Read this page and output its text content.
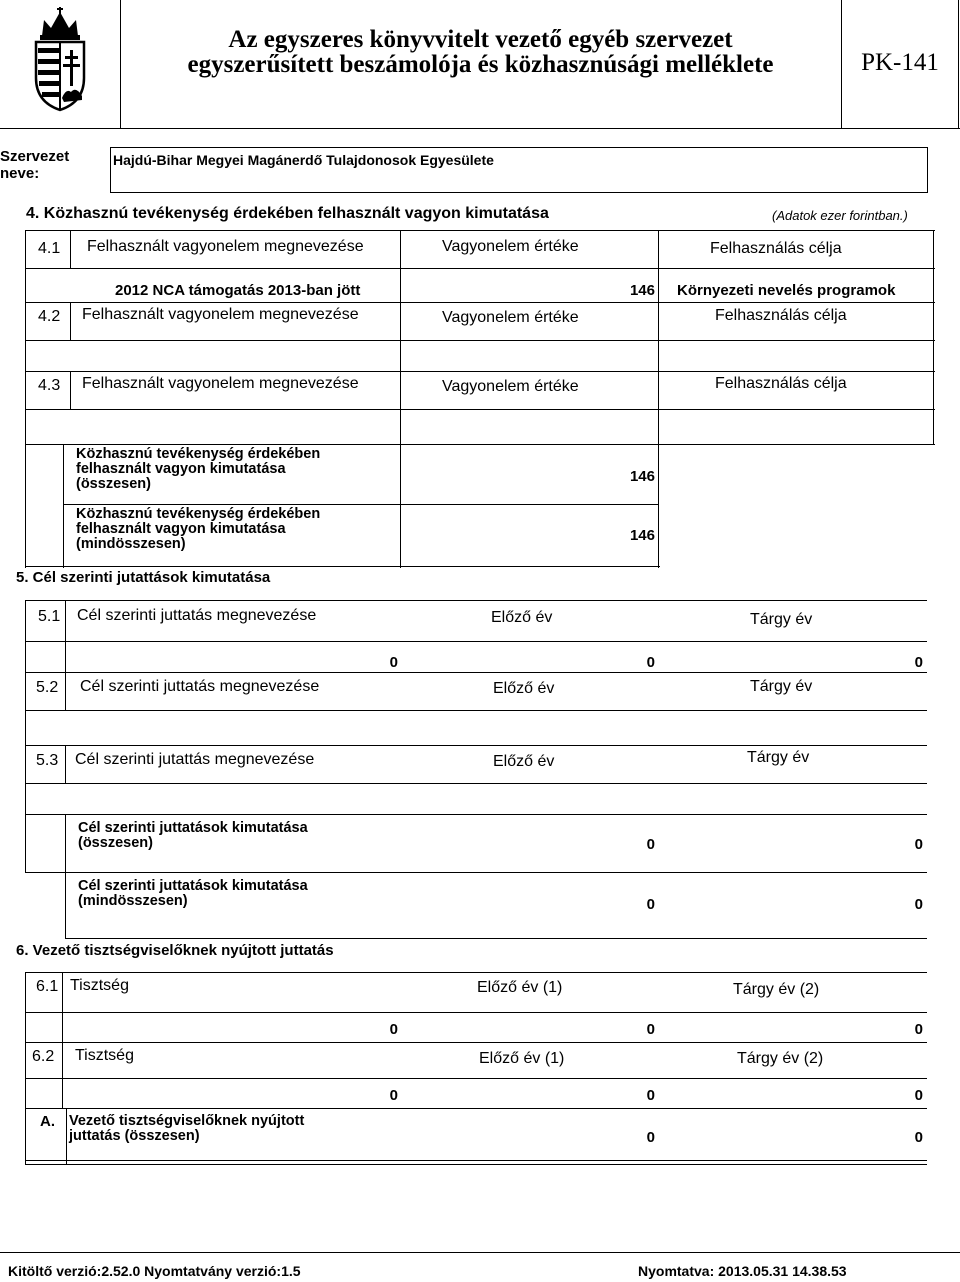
Az egyszeres könyvvitelt vezető egyéb szervezet
egyszerűsített beszámolója és közhasznúsági melléklete	PK-141
Szervezet
neve:
Hajdú-Bihar Megyei Magánerdő Tulajdonosok Egyesülete
4. Közhasznú tevékenység érdekében felhasznált vagyon kimutatása	(Adatok ezer forintban.)
4.1 Felhasznált vagyonelem megnevezése	Vagyonelem értéke	Felhasználás célja
2012 NCA támogatás 2013-ban jött	146 Környezeti nevelés programok
4.2 Felhasznált vagyonelem megnevezése	Vagyonelem értéke	Felhasználás célja
4.3 Felhasznált vagyonelem megnevezése	Vagyonelem értéke	Felhasználás célja
Közhasznú tevékenység érdekében
felhasznált vagyon kimutatása
(összesen)	146
Közhasznú tevékenység érdekében
felhasznált vagyon kimutatása
(mindösszesen)	146
5. Cél szerinti jutattások kimutatása
5.1 Cél szerinti juttatás megnevezése	Előző év	Tárgy év
0	0	0
5.2 Cél szerinti juttatás megnevezése	Előző év	Tárgy év
5.3 Cél szerinti jutattás megnevezése	Előző év	Tárgy év
Cél szerinti juttatások kimutatása
(összesen)	0	0
Cél szerinti juttatások kimutatása
(mindösszesen)	0	0
6. Vezető tisztségviselőknek nyújtott juttatás
6.1 Tisztség	Előző év (1)	Tárgy év (2)
0	0	0
6.2 Tisztség	Előző év (1)	Tárgy év (2)
0	0	0
A. Vezető tisztségviselőknek nyújtott
juttatás (összesen)	0	0
Kitöltő verzió:2.52.0 Nyomtatvány verzió:1.5	Nyomtatva: 2013.05.31 14.38.53
